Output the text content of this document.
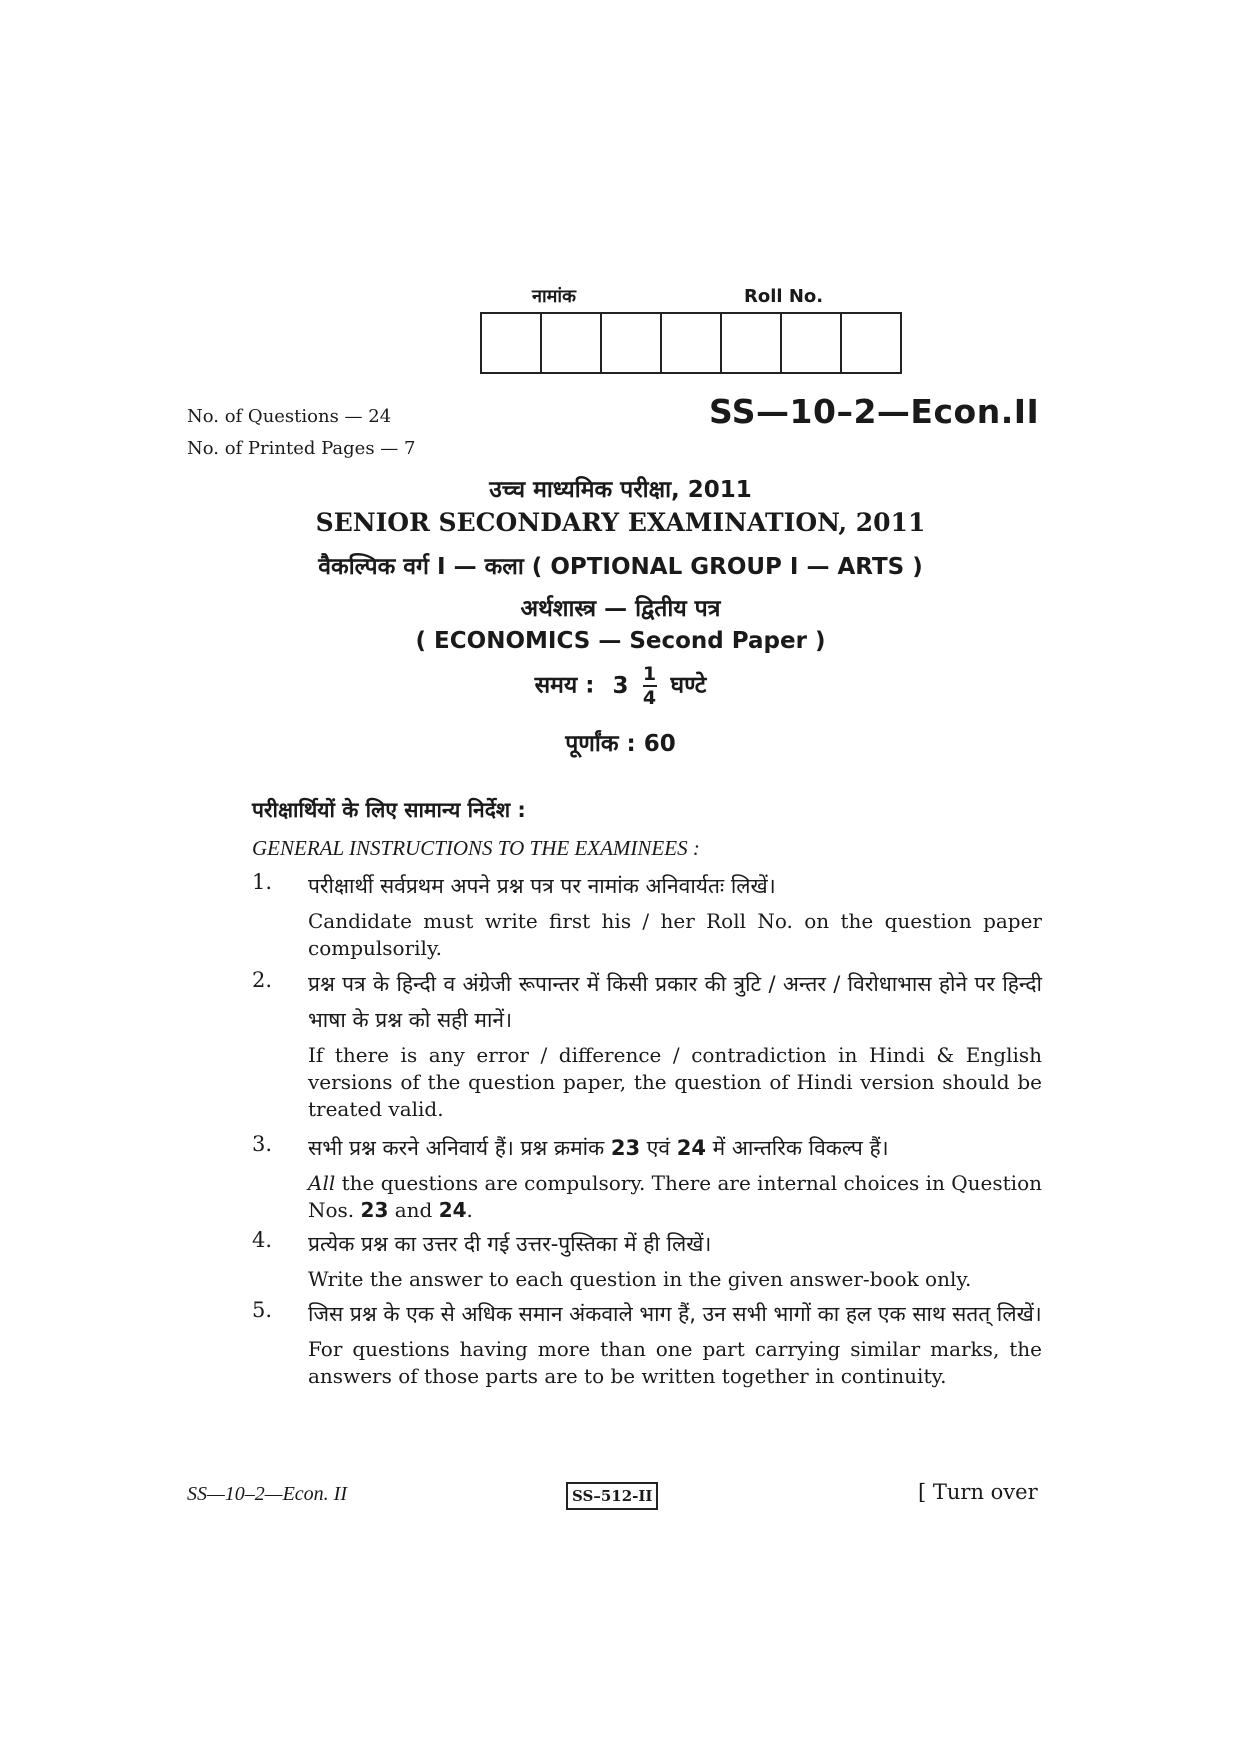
नामांक	Roll No.
No. of Questions — 24
No. of Printed Pages — 7
SS—10–2—Econ.II
उच्च माध्यमिक परीक्षा, 2011
SENIOR SECONDARY EXAMINATION, 2011
वैकल्पिक वर्ग I — कला ( OPTIONAL GROUP I — ARTS )
अर्थशास्त्र — द्वितीय पत्र
( ECONOMICS — Second Paper )
समय : $3 \frac{1}{4}$ घण्टे
पूर्णांक : 60
परीक्षार्थियों के लिए सामान्य निर्देश :
GENERAL INSTRUCTIONS TO THE EXAMINEES :
1. परीक्षार्थी सर्वप्रथम अपने प्रश्न पत्र पर नामांक अनिवार्यतः लिखें।
Candidate must write first his / her Roll No. on the question paper compulsorily.
2. प्रश्न पत्र के हिन्दी व अंग्रेजी रूपान्तर में किसी प्रकार की त्रुटि / अन्तर / विरोधाभास होने पर हिन्दी भाषा के प्रश्न को सही मानें।
If there is any error / difference / contradiction in Hindi & English versions of the question paper, the question of Hindi version should be treated valid.
3. सभी प्रश्न करने अनिवार्य हैं। प्रश्न क्रमांक 23 एवं 24 में आन्तरिक विकल्प हैं।
All the questions are compulsory. There are internal choices in Question Nos. 23 and 24.
4. प्रत्येक प्रश्न का उत्तर दी गई उत्तर-पुस्तिका में ही लिखें।
Write the answer to each question in the given answer-book only.
5. जिस प्रश्न के एक से अधिक समान अंकवाले भाग हैं, उन सभी भागों का हल एक साथ सतत् लिखें।
For questions having more than one part carrying similar marks, the answers of those parts are to be written together in continuity.
SS—10–2—Econ. II	SS–512-II	[ Turn over
